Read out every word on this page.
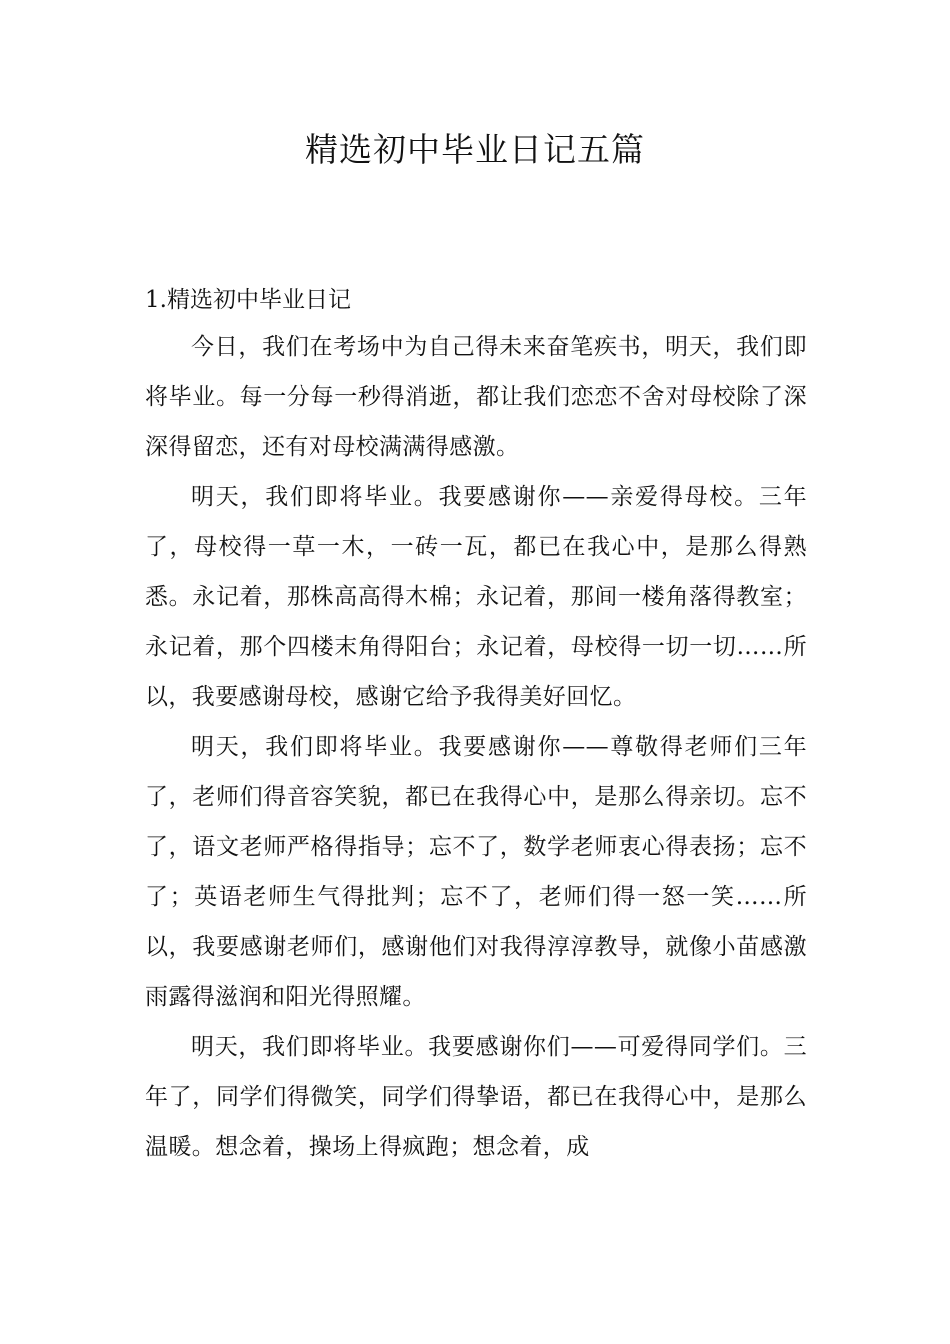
精选初中毕业日记五篇

1.精选初中毕业日记

今日，我们在考场中为自己得未来奋笔疾书，明天，我们即将毕业。每一分每一秒得消逝，都让我们恋恋不舍对母校除了深深得留恋，还有对母校满满得感激。

明天，我们即将毕业。我要感谢你——亲爱得母校。三年了，母校得一草一木，一砖一瓦，都已在我心中，是那么得熟悉。永记着，那株高高得木棉；永记着，那间一楼角落得教室；永记着，那个四楼末角得阳台；永记着，母校得一切一切……所以，我要感谢母校，感谢它给予我得美好回忆。

明天，我们即将毕业。我要感谢你——尊敬得老师们三年了，老师们得音容笑貌，都已在我得心中，是那么得亲切。忘不了，语文老师严格得指导；忘不了，数学老师衷心得表扬；忘不了；英语老师生气得批判；忘不了，老师们得一怒一笑……所以，我要感谢老师们，感谢他们对我得淳淳教导，就像小苗感激雨露得滋润和阳光得照耀。

明天，我们即将毕业。我要感谢你们——可爱得同学们。三年了，同学们得微笑，同学们得挚语，都已在我得心中，是那么温暖。想念着，操场上得疯跑；想念着，成
